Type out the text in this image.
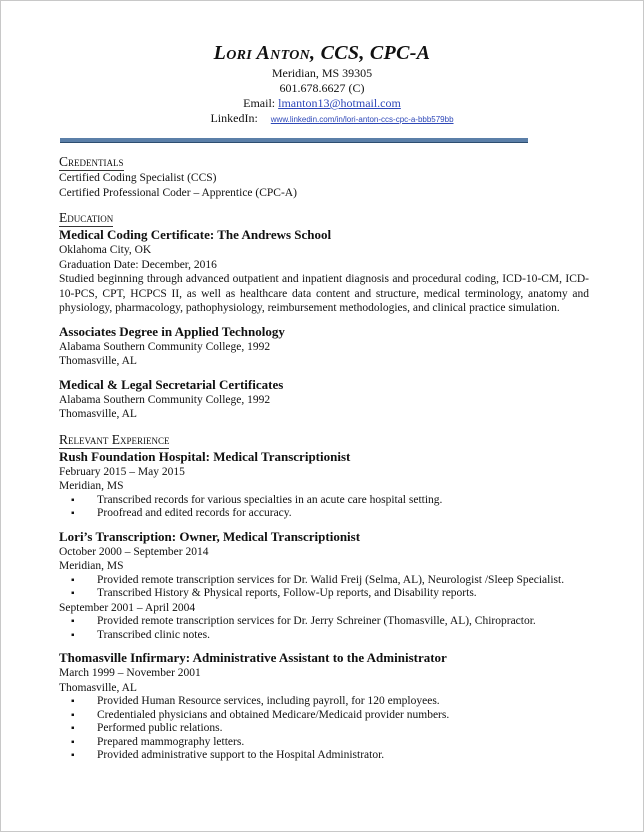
Lori Anton, CCS, CPC-A
Meridian, MS 39305
601.678.6627 (C)
Email: lmanton13@hotmail.com
LinkedIn: www.linkedin.com/in/lori-anton-ccs-cpc-a-bbb579bb
Credentials
Certified Coding Specialist (CCS)
Certified Professional Coder – Apprentice (CPC-A)
Education
Medical Coding Certificate: The Andrews School
Oklahoma City, OK
Graduation Date: December, 2016
Studied beginning through advanced outpatient and inpatient diagnosis and procedural coding, ICD-10-CM, ICD-10-PCS, CPT, HCPCS II, as well as healthcare data content and structure, medical terminology, anatomy and physiology, pharmacology, pathophysiology, reimbursement methodologies, and clinical practice simulation.
Associates Degree in Applied Technology
Alabama Southern Community College, 1992
Thomasville, AL
Medical & Legal Secretarial Certificates
Alabama Southern Community College, 1992
Thomasville, AL
Relevant Experience
Rush Foundation Hospital: Medical Transcriptionist
February 2015 – May 2015
Meridian, MS
▪ Transcribed records for various specialties in an acute care hospital setting.
▪ Proofread and edited records for accuracy.
Lori’s Transcription: Owner, Medical Transcriptionist
October 2000 – September 2014
Meridian, MS
▪ Provided remote transcription services for Dr. Walid Freij (Selma, AL), Neurologist /Sleep Specialist.
▪ Transcribed History & Physical reports, Follow-Up reports, and Disability reports.
September 2001 – April 2004
▪ Provided remote transcription services for Dr. Jerry Schreiner (Thomasville, AL), Chiropractor.
▪ Transcribed clinic notes.
Thomasville Infirmary: Administrative Assistant to the Administrator
March 1999 – November 2001
Thomasville, AL
▪ Provided Human Resource services, including payroll, for 120 employees.
▪ Credentialed physicians and obtained Medicare/Medicaid provider numbers.
▪ Performed public relations.
▪ Prepared mammography letters.
▪ Provided administrative support to the Hospital Administrator.
